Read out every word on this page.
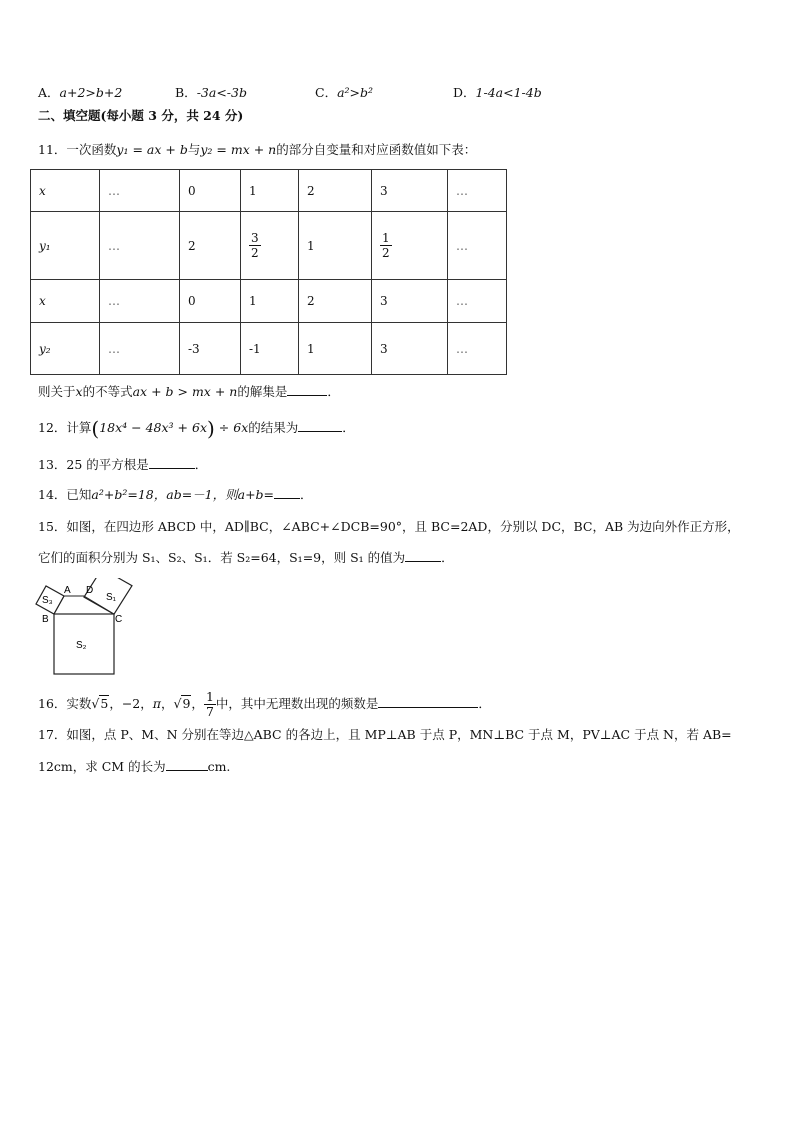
A．a+2>b+2	B．-3a<-3b	C．a²>b²	D．1-4a<1-4b
二、填空题(每小题 3 分，共 24 分)
11．一次函数y₁ = ax + b与y₂ = mx + n的部分自变量和对应函数值如下表：
x	…	0	1	2	3	…
y₁	…	2	$\frac{3}{2}$	1	$\frac{1}{2}$	…
x	…	0	1	2	3	…
y₂	…	-3	-1	1	3	…
则关于x的不等式ax + b > mx + n的解集是	．
12．计算(18x⁴ − 48x³ + 6x) ÷ 6x的结果为	．
13．25 的平方根是	．
14．已知a²+b²=18，ab=－1，则a+b= ．
15．如图，在四边形 ABCD 中，AD∥BC，∠ABC+∠DCB=90°，且 BC=2AD，分别以 DC，BC，AB 为边向外作正方形，
它们的面积分别为 S₁、S₂、S₁．若 S₂=64，S₁=9，则 S₁ 的值为	．
A D
B	C
S₁
S₂
S₃
16．实数√5，−2，π，√9， $\frac{1}{7}$ 中，其中无理数出现的频数是	．
17．如图，点 P、M、N 分别在等边△ABC 的各边上，且 MP⊥AB 于点 P，MN⊥BC 于点 M，PV⊥AC 于点 N，若 AB=
12cm，求 CM 的长为	cm.
